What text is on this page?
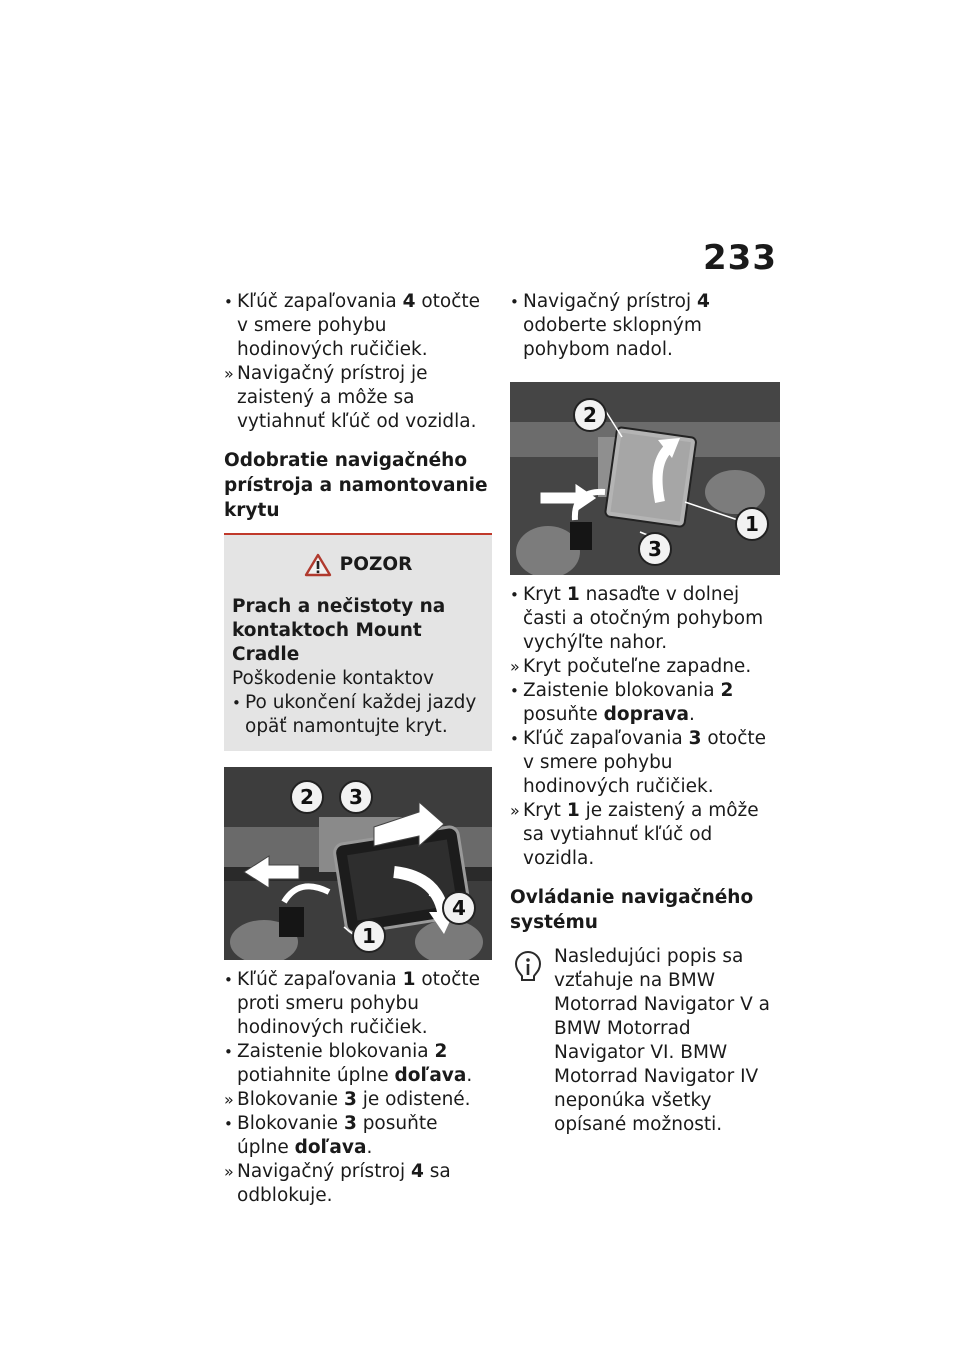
233
• Kľúč zapaľovania 4 otočte v smere pohybu hodinových ručičiek.
» Navigačný prístroj je zaistený a môže sa vytiahnuť kľúč od vozidla.
Odobratie navigačného prístroja a namontovanie krytu
POZOR
Prach a nečistoty na kontaktoch Mount Cradle
Poškodenie kontaktov
• Po ukončení každej jazdy opäť namontujte kryt.
2	3
4
1
• Kľúč zapaľovania 1 otočte proti smeru pohybu hodinových ručičiek.
• Zaistenie blokovania 2 potiahnite úplne doľava.
» Blokovanie 3 je odistené.
• Blokovanie 3 posuňte úplne doľava.
» Navigačný prístroj 4 sa odblokuje.
• Navigačný prístroj 4 odoberte sklopným pohybom nadol.
2
1
3
• Kryt 1 nasaďte v dolnej časti a otočným pohybom vychýľte nahor.
» Kryt počuteľne zapadne.
• Zaistenie blokovania 2 posuňte doprava.
• Kľúč zapaľovania 3 otočte v smere pohybu hodinových ručičiek.
» Kryt 1 je zaistený a môže sa vytiahnuť kľúč od vozidla.
Ovládanie navigačného systému
Nasledujúci popis sa vzťahuje na BMW Motorrad Navigator V a BMW Motorrad Navigator VI. BMW Motorrad Navigator IV neponúka všetky opísané možnosti.
